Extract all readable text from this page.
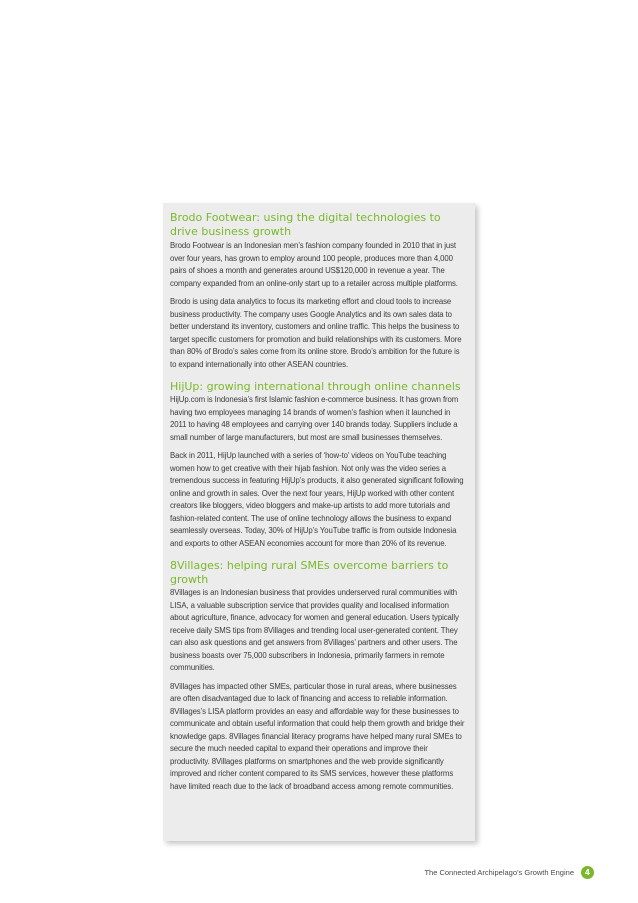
Brodo Footwear: using the digital technologies to drive business growth

Brodo Footwear is an Indonesian men’s fashion company founded in 2010 that in just over four years, has grown to employ around 100 people, produces more than 4,000 pairs of shoes a month and generates around US$120,000 in revenue a year. The company expanded from an online-only start up to a retailer across multiple platforms.

Brodo is using data analytics to focus its marketing effort and cloud tools to increase business productivity. The company uses Google Analytics and its own sales data to better understand its inventory, customers and online traffic. This helps the business to target specific customers for promotion and build relationships with its customers. More than 80% of Brodo’s sales come from its online store. Brodo’s ambition for the future is to expand internationally into other ASEAN countries.

HijUp: growing international through online channels

HijUp.com is Indonesia’s first Islamic fashion e-commerce business. It has grown from having two employees managing 14 brands of women’s fashion when it launched in 2011 to having 48 employees and carrying over 140 brands today. Suppliers include a small number of large manufacturers, but most are small businesses themselves.

Back in 2011, HijUp launched with a series of ‘how-to’ videos on YouTube teaching women how to get creative with their hijab fashion. Not only was the video series a tremendous success in featuring HijUp’s products, it also generated significant following online and growth in sales. Over the next four years, HijUp worked with other content creators like bloggers, video bloggers and make-up artists to add more tutorials and fashion-related content. The use of online technology allows the business to expand seamlessly overseas. Today, 30% of HijUp’s YouTube traffic is from outside Indonesia and exports to other ASEAN economies account for more than 20% of its revenue.

8Villages: helping rural SMEs overcome barriers to growth

8Villages is an Indonesian business that provides underserved rural communities with LISA, a valuable subscription service that provides quality and localised information about agriculture, finance, advocacy for women and general education. Users typically receive daily SMS tips from 8Villages and trending local user-generated content. They can also ask questions and get answers from 8Villages’ partners and other users. The business boasts over 75,000 subscribers in Indonesia, primarily farmers in remote communities.

8Villages has impacted other SMEs, particular those in rural areas, where businesses are often disadvantaged due to lack of financing and access to reliable information. 8Villages’s LISA platform provides an easy and affordable way for these businesses to communicate and obtain useful information that could help them growth and bridge their knowledge gaps. 8Villages financial literacy programs have helped many rural SMEs to secure the much needed capital to expand their operations and improve their productivity. 8Villages platforms on smartphones and the web provide significantly improved and richer content compared to its SMS services, however these platforms have limited reach due to the lack of broadband access among remote communities.

The Connected Archipelago’s Growth Engine	4
